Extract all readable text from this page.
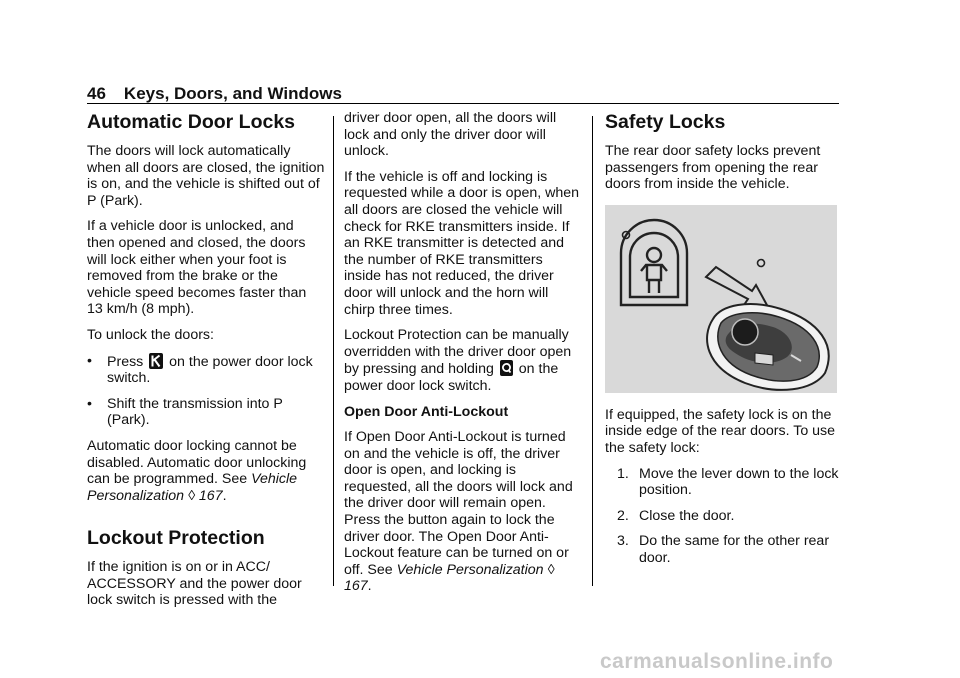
46 Keys, Doors, and Windows
Automatic Door Locks

The doors will lock automatically when all doors are closed, the ignition is on, and the vehicle is shifted out of P (Park).

If a vehicle door is unlocked, and then opened and closed, the doors will lock either when your foot is removed from the brake or the vehicle speed becomes faster than 13 km/h (8 mph).

To unlock the doors:

•	Press on the power door lock switch.
•	Shift the transmission into P (Park).

Automatic door locking cannot be disabled. Automatic door unlocking can be programmed. See Vehicle Personalization ◊ 167.

Lockout Protection

If the ignition is on or in ACC/ ACCESSORY and the power door lock switch is pressed with the

driver door open, all the doors will lock and only the driver door will unlock.

If the vehicle is off and locking is requested while a door is open, when all doors are closed the vehicle will check for RKE transmitters inside. If an RKE transmitter is detected and the number of RKE transmitters inside has not reduced, the driver door will unlock and the horn will chirp three times.

Lockout Protection can be manually overridden with the driver door open by pressing and holding on the power door lock switch.

Open Door Anti-Lockout

If Open Door Anti-Lockout is turned on and the vehicle is off, the driver door is open, and locking is requested, all the doors will lock and the driver door will remain open. Press the button again to lock the driver door. The Open Door Anti-Lockout feature can be turned on or off. See Vehicle Personalization ◊ 167.

Safety Locks

The rear door safety locks prevent passengers from opening the rear doors from inside the vehicle.

If equipped, the safety lock is on the inside edge of the rear doors. To use the safety lock:

1. Move the lever down to the lock position.
2. Close the door.
3. Do the same for the other rear door.
carmanualsonline.info
